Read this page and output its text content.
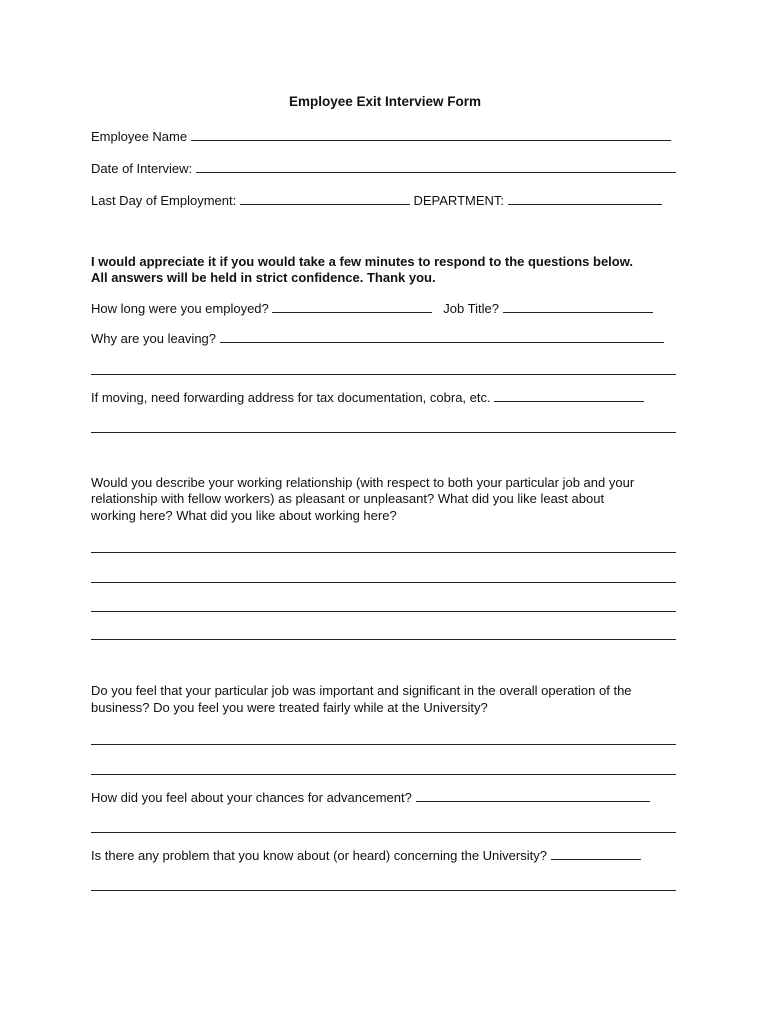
Employee Exit Interview Form
Employee Name
Date of Interview:
Last Day of Employment:	DEPARTMENT:
I would appreciate it if you would take a few minutes to respond to the questions below.
All answers will be held in strict confidence. Thank you.
How long were you employed?	Job Title?
Why are you leaving?
If moving, need forwarding address for tax documentation, cobra, etc.
Would you describe your working relationship (with respect to both your particular job and your
relationship with fellow workers) as pleasant or unpleasant? What did you like least about
working here? What did you like about working here?
Do you feel that your particular job was important and significant in the overall operation of the
business? Do you feel you were treated fairly while at the University?
How did you feel about your chances for advancement?
Is there any problem that you know about (or heard) concerning the University?
